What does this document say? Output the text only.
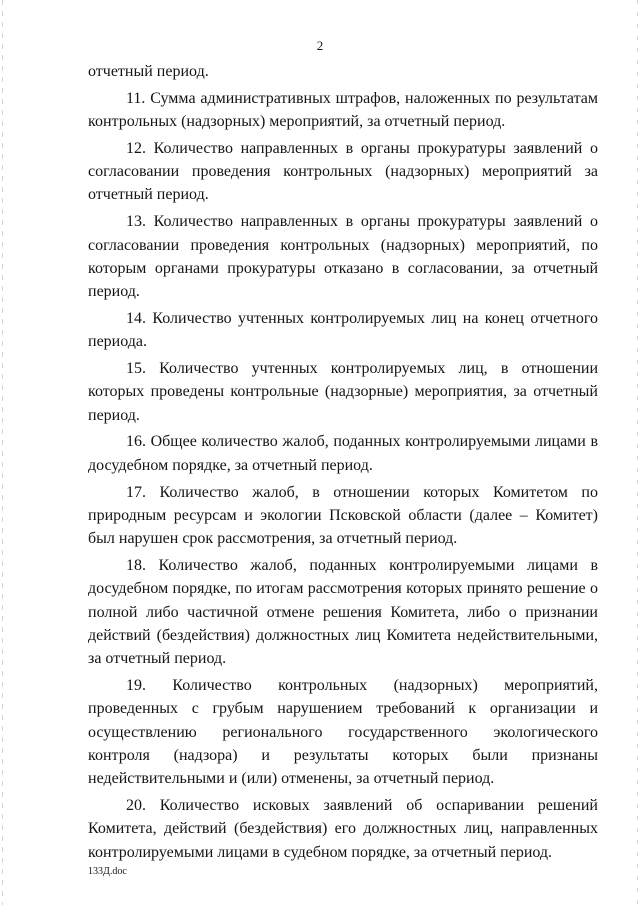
2

отчетный период.

11. Сумма административных штрафов, наложенных по результатам контрольных (надзорных) мероприятий, за отчетный период.

12. Количество направленных в органы прокуратуры заявлений о согласовании проведения контрольных (надзорных) мероприятий за отчетный период.

13. Количество направленных в органы прокуратуры заявлений о согласовании проведения контрольных (надзорных) мероприятий, по которым органами прокуратуры отказано в согласовании, за отчетный период.

14. Количество учтенных контролируемых лиц на конец отчетного периода.

15. Количество учтенных контролируемых лиц, в отношении которых проведены контрольные (надзорные) мероприятия, за отчетный период.

16. Общее количество жалоб, поданных контролируемыми лицами в досудебном порядке, за отчетный период.

17. Количество жалоб, в отношении которых Комитетом по природным ресурсам и экологии Псковской области (далее – Комитет) был нарушен срок рассмотрения, за отчетный период.

18. Количество жалоб, поданных контролируемыми лицами в досудебном порядке, по итогам рассмотрения которых принято решение о полной либо частичной отмене решения Комитета, либо о признании действий (бездействия) должностных лиц Комитета недействительными, за отчетный период.

19. Количество контрольных (надзорных) мероприятий, проведенных с грубым нарушением требований к организации и осуществлению регионального государственного экологического контроля (надзора) и результаты которых были признаны недействительными и (или) отменены, за отчетный период.

20. Количество исковых заявлений об оспаривании решений Комитета, действий (бездействия) его должностных лиц, направленных контролируемыми лицами в судебном порядке, за отчетный период.

133Д.doc
